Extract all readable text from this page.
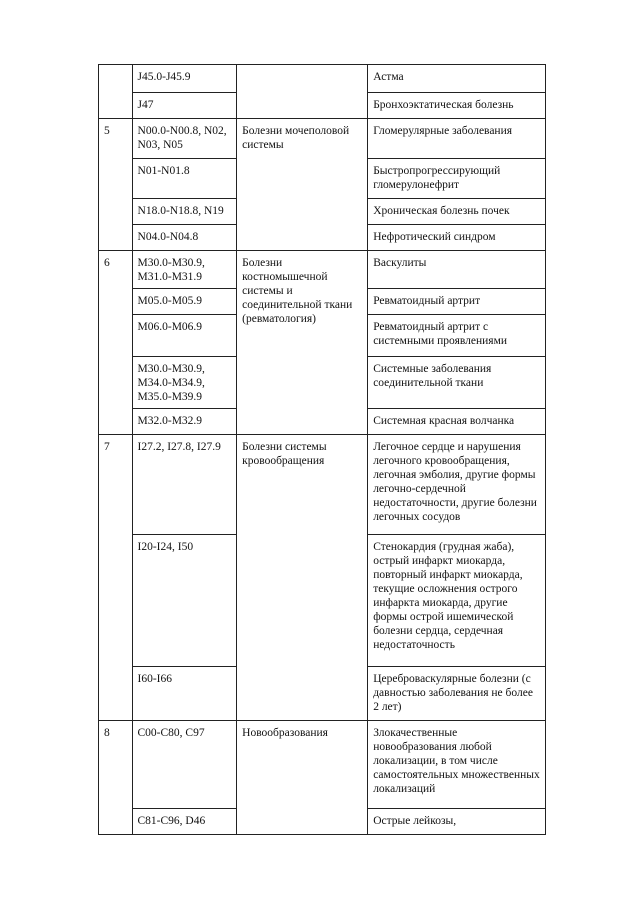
	J45.0-J45.9		Астма
	J47		Бронхоэктатическая болезнь
5	N00.0-N00.8, N02, N03, N05	Болезни мочеполовой системы	Гломерулярные заболевания
	N01-N01.8		Быстропрогрессирующий гломерулонефрит
	N18.0-N18.8, N19		Хроническая болезнь почек
	N04.0-N04.8		Нефротический синдром
6	M30.0-M30.9, M31.0-M31.9	Болезни костномышечной системы и соединительной ткани (ревматология)	Васкулиты
	M05.0-M05.9		Ревматоидный артрит
	M06.0-M06.9		Ревматоидный артрит с системными проявлениями
	M30.0-M30.9, M34.0-M34.9, M35.0-M39.9		Системные заболевания соединительной ткани
	M32.0-M32.9		Системная красная волчанка
7	I27.2, I27.8, I27.9	Болезни системы кровообращения	Легочное сердце и нарушения легочного кровообращения, легочная эмболия, другие формы легочно-сердечной недостаточности, другие болезни легочных сосудов
	I20-I24, I50		Стенокардия (грудная жаба), острый инфаркт миокарда, повторный инфаркт миокарда, текущие осложнения острого инфаркта миокарда, другие формы острой ишемической болезни сердца, сердечная недостаточность
	I60-I66		Цереброваскулярные болезни (с давностью заболевания не более 2 лет)
8	C00-C80, C97	Новообразования	Злокачественные новообразования любой локализации, в том числе самостоятельных множественных локализаций
	C81-C96, D46		Острые лейкозы,
